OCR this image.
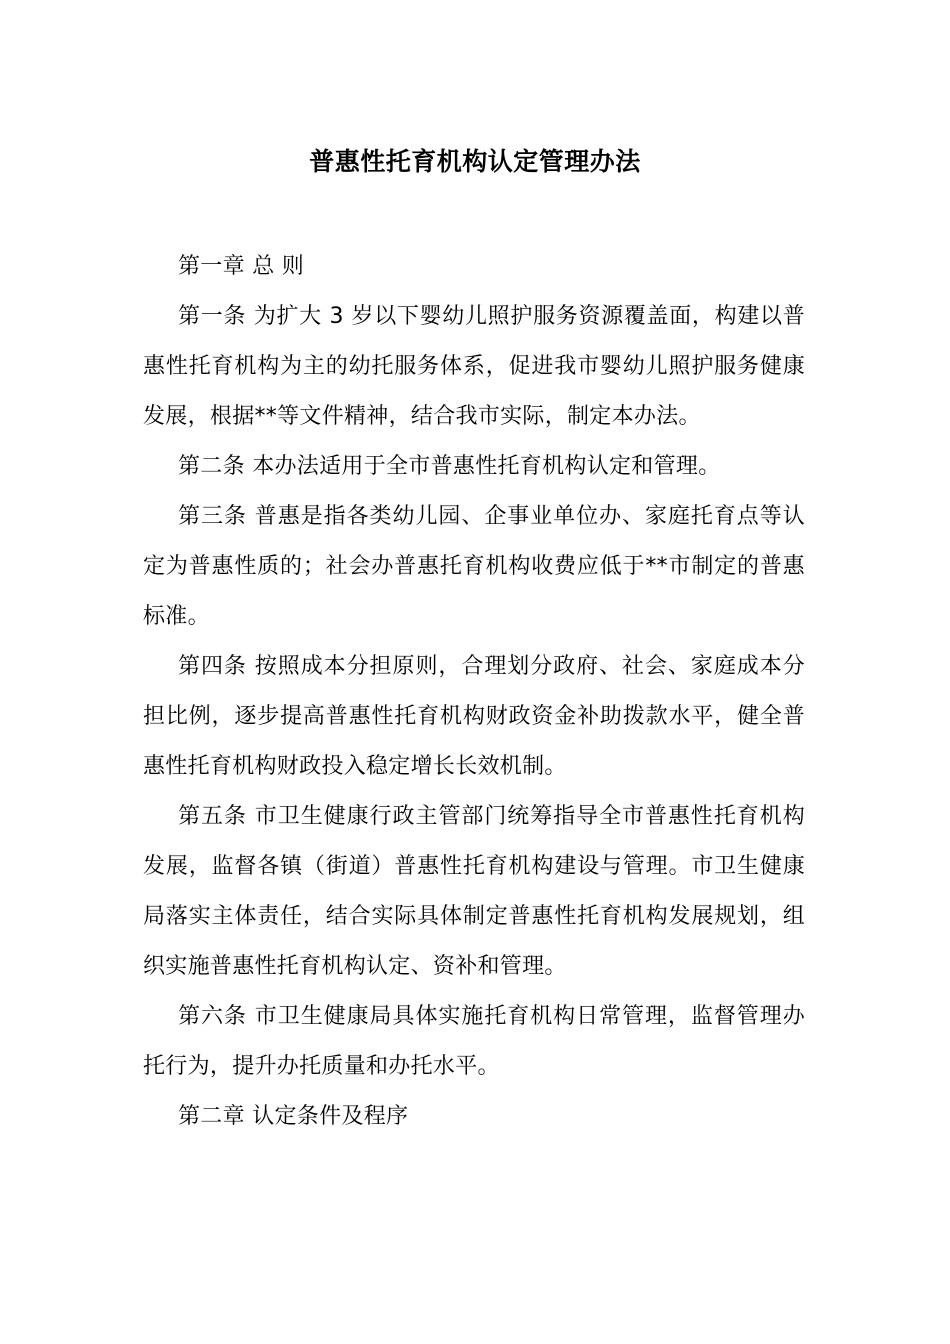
普惠性托育机构认定管理办法

第一章 总 则

第一条 为扩大 3 岁以下婴幼儿照护服务资源覆盖面，构建以普惠性托育机构为主的幼托服务体系，促进我市婴幼儿照护服务健康发展，根据**等文件精神，结合我市实际，制定本办法。

第二条 本办法适用于全市普惠性托育机构认定和管理。

第三条 普惠是指各类幼儿园、企事业单位办、家庭托育点等认定为普惠性质的；社会办普惠托育机构收费应低于**市制定的普惠标准。

第四条 按照成本分担原则，合理划分政府、社会、家庭成本分担比例，逐步提高普惠性托育机构财政资金补助拨款水平，健全普惠性托育机构财政投入稳定增长长效机制。

第五条 市卫生健康行政主管部门统筹指导全市普惠性托育机构发展，监督各镇（街道）普惠性托育机构建设与管理。市卫生健康局落实主体责任，结合实际具体制定普惠性托育机构发展规划，组织实施普惠性托育机构认定、资补和管理。

第六条 市卫生健康局具体实施托育机构日常管理，监督管理办托行为，提升办托质量和办托水平。

第二章 认定条件及程序
